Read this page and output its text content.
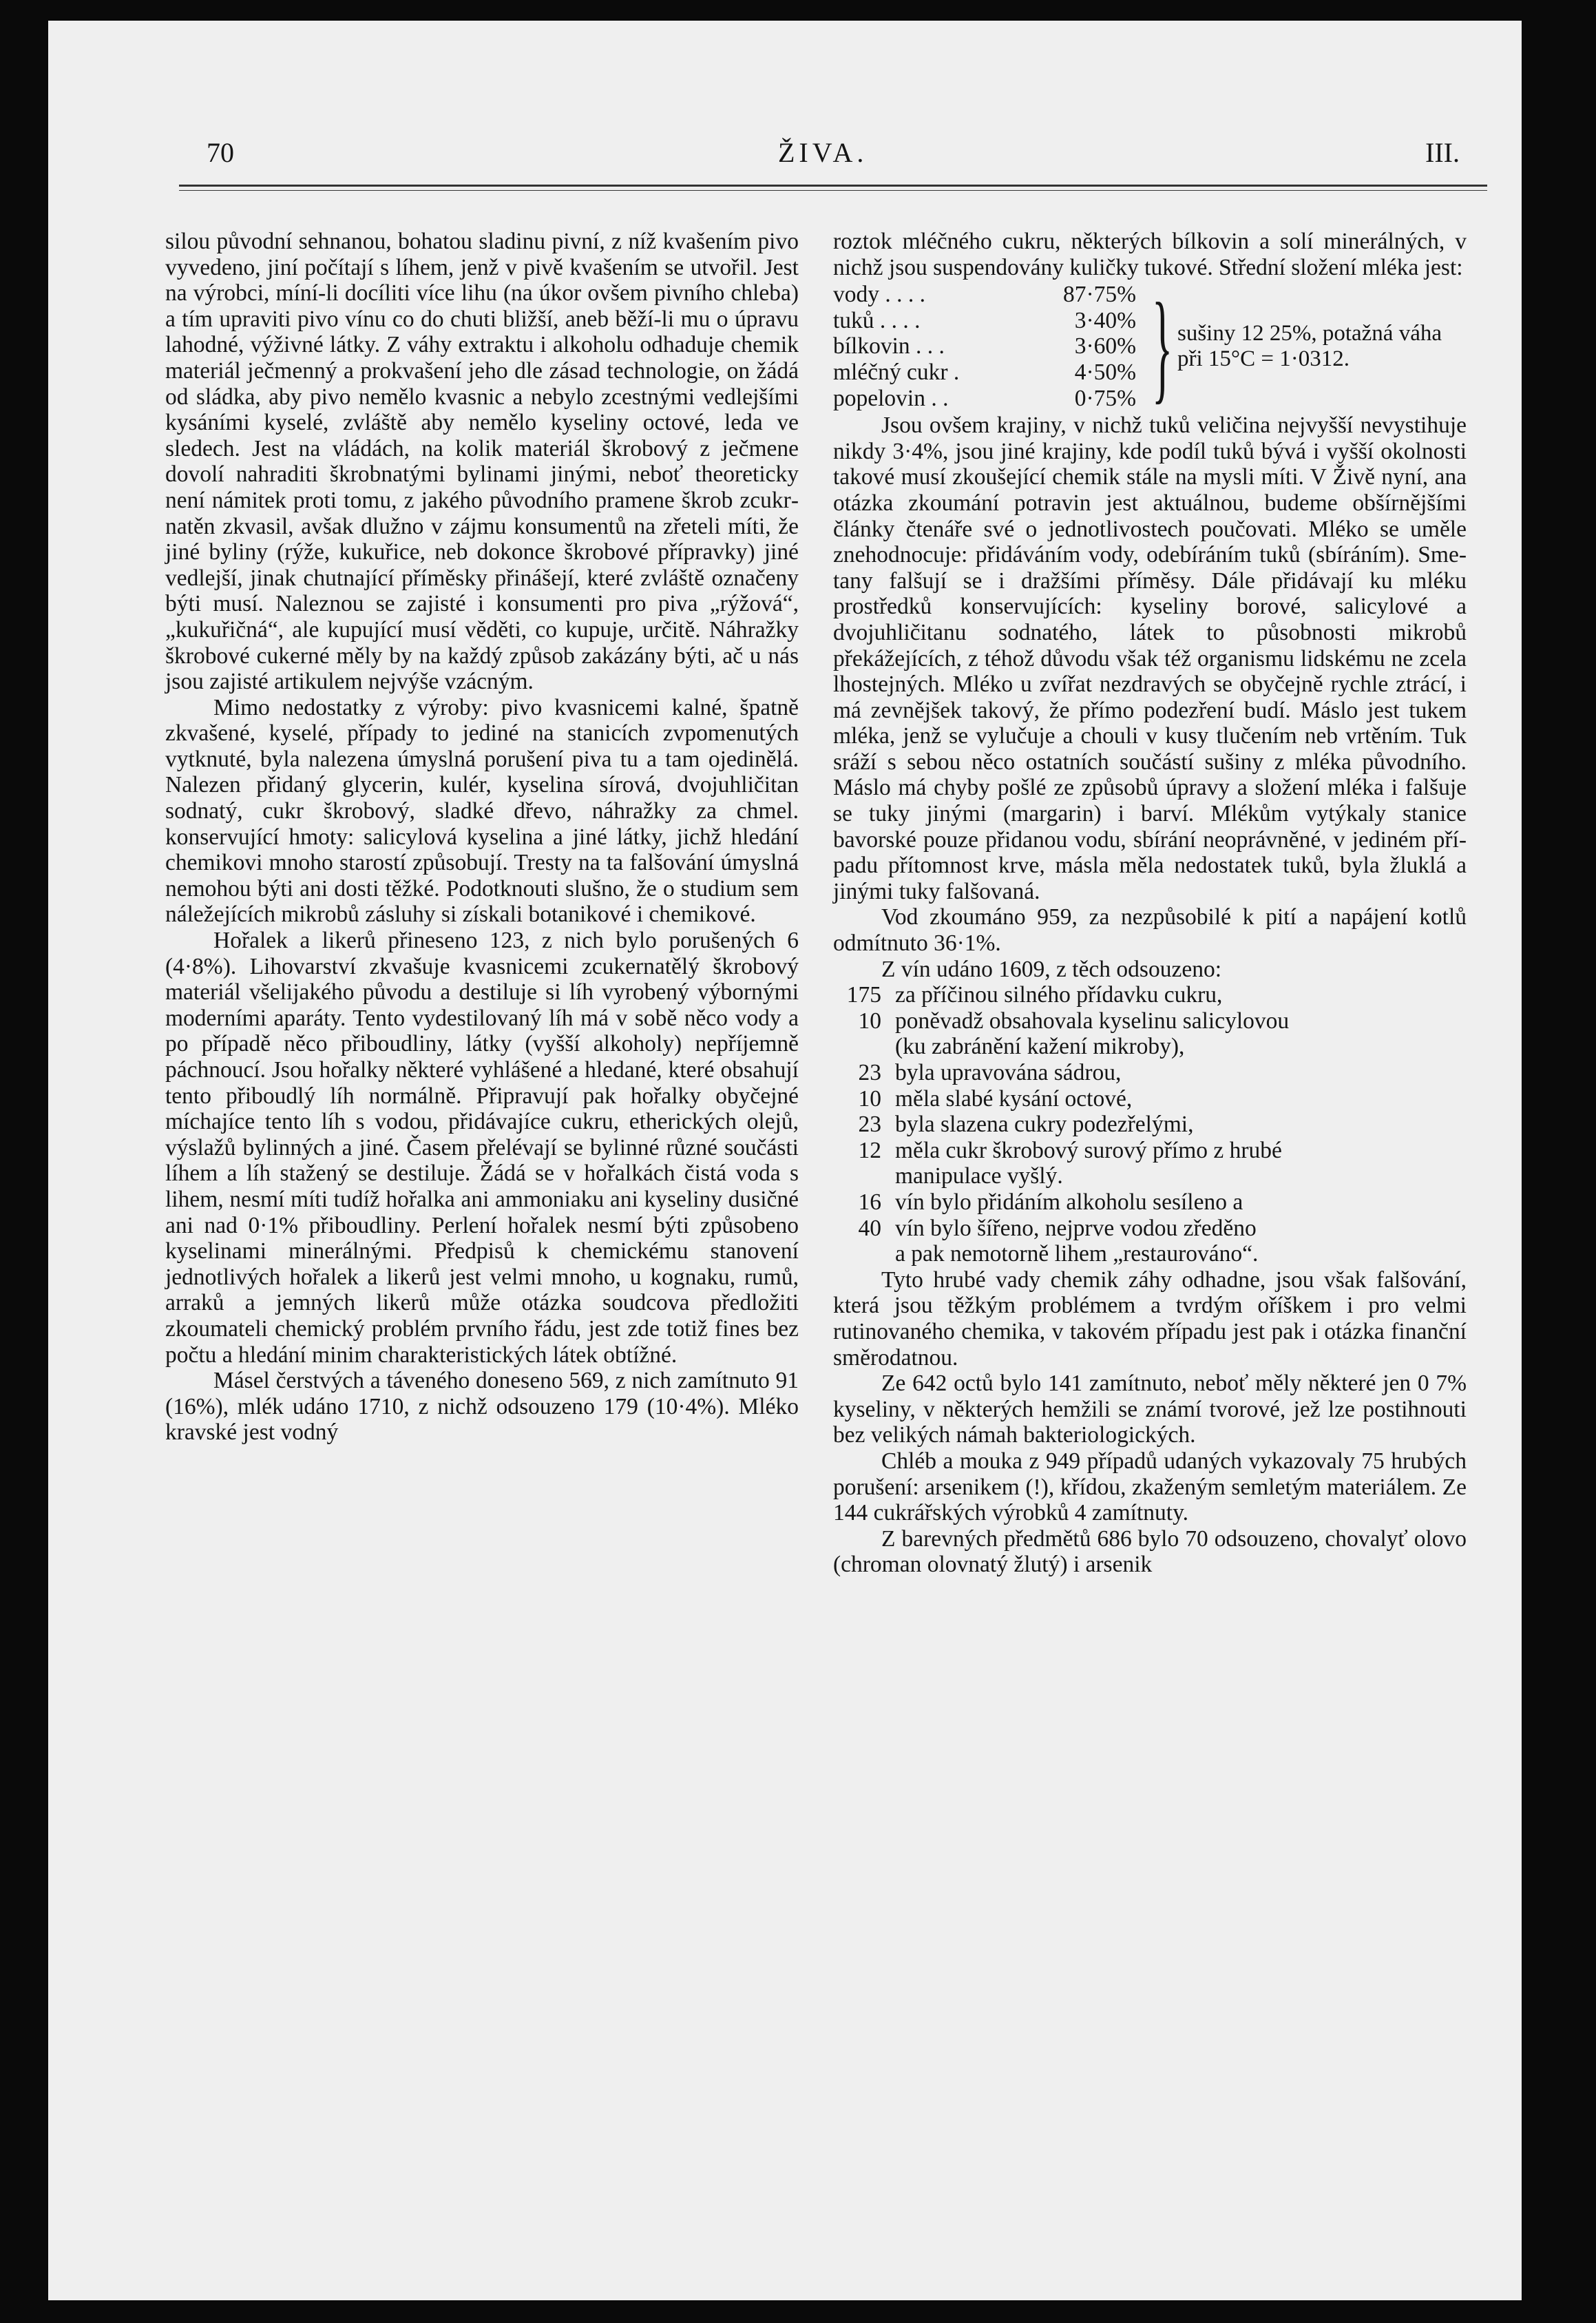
70	ŽIVA.	III.

silou původní sehnanou, bohatou sladinu pivní, z níž kvašením pivo vyvedeno, jiní počítají s líhem, jenž v pivě kvašením se utvořil. Jest na výrobci, míní-li docíliti více lihu (na úkor ovšem pivního chleba) a tím upraviti pivo vínu co do chuti bližší, aneb běží-li mu o úpravu lahodné, výživné látky. Z váhy extraktu i alkoholu odhaduje chemik materiál ječmenný a prokvašení jeho dle zásad technologie, on žádá od sládka, aby pivo nemělo kvasnic a nebylo zcestnými vedlejšími kysáními kyselé, zvláště aby nemělo kyseliny octové, leda ve sledech. Jest na vládách, na kolik materiál škrobový z ječmene dovolí nahraditi škrobnatými bylinami jinými, neboť theoreticky není námitek proti tomu, z jakého původního pramene škrob zcukrnatěn zkvasil, avšak dlužno v zájmu konsumentů na zřeteli míti, že jiné byliny (rýže, kukuřice, neb dokonce škrobové přípravky) jiné vedlejší, jinak chutnající příměsky přinášejí, které zvláště označeny býti musí. Naleznou se zajisté i konsumenti pro piva „rýžová“, „kukuřičná“, ale kupující musí věděti, co kupuje, určitě. Náhražky škrobové cukerné měly by na každý způsob zakázány býti, ač u nás jsou zajisté artikulem nejvýše vzácným.

Mimo nedostatky z výroby: pivo kvasnicemi kalné, špatně zkvašené, kyselé, případy to jediné na stanicích zvpomenutých vytknuté, byla nalezena úmyslná porušení piva tu a tam ojedinělá. Nalezen přidaný glycerin, kulér, kyselina sírová, dvojuhličitan sodnatý, cukr škrobový, sladké dřevo, náhražky za chmel. konservující hmoty: salicylová kyselina a jiné látky, jichž hledání chemikovi mnoho starostí způsobují. Tresty na ta falšování úmyslná nemohou býti ani dosti těžké. Podotknouti slušno, že o studium sem náležejících mikrobů zásluhy si získali botanikové i chemikové.

Hořalek a likerů přineseno 123, z nich bylo porušených 6 (4·8%). Lihovarství zkvašuje kvasnicemi zcukernatělý škrobový materiál všelijakého původu a destiluje si líh vyrobený výbornými moderními aparáty. Tento vydestilovaný líh má v sobě něco vody a po případě něco přiboudliny, látky (vyšší alkoholy) nepříjemně páchnoucí. Jsou hořalky některé vyhlášené a hledané, které obsahují tento přiboudlý líh normálně. Připravují pak hořalky obyčejné míchajíce tento líh s vodou, přidávajíce cukru, etherických olejů, výslažů bylinných a jiné. Časem přelévají se bylinné různé součásti líhem a líh stažený se destiluje. Žádá se v hořalkách čistá voda s lihem, nesmí míti tudíž hořalka ani ammoniaku ani kyseliny dusičné ani nad 0·1% přiboudliny. Perlení hořalek nesmí býti způsobeno kyselinami minerálnými. Předpisů k chemickému stanovení jednotlivých hořalek a likerů jest velmi mnoho, u kognaku, rumů, arraků a jemných likerů může otázka soudcova předložiti zkoumateli chemický problém prvního řádu, jest zde totiž fines bez počtu a hledání minim charakteristických látek obtížné.

Másel čerstvých a táveného doneseno 569, z nich zamítnuto 91 (16%), mlék udáno 1710, z nichž odsouzeno 179 (10·4%). Mléko kravské jest vodný

roztok mléčného cukru, některých bílkovin a solí minerálných, v nichž jsou suspendovány kuličky tukové. Střední složení mléka jest:

vody . . . .	87·75%
tuků . . . .	3·40%
bílkovin . . .	3·60%
mléčný cukr .	4·50%
popelovin . .	0·75% } sušiny 12 25%, potažná váha při 15°C = 1·0312.

Jsou ovšem krajiny, v nichž tuků veličina nejvyšší nevystihuje nikdy 3·4%, jsou jiné krajiny, kde podíl tuků bývá i vyšší okolnosti takové musí zkoušející chemik stále na mysli míti. V Živě nyní, ana otázka zkoumání potravin jest aktuálnou, budeme obšírnějšími články čtenáře své o jednotlivostech poučovati. Mléko se uměle znehodnocuje: přidáváním vody, odebíráním tuků (sbíráním). Smetany falšují se i dražšími příměsy. Dále přidávají ku mléku prostředků konservujících: kyseliny borové, salicylové a dvojuhličitanu sodnatého, látek to působnosti mikrobů překážejících, z téhož důvodu však též organismu lidskému ne zcela lhostejných. Mléko u zvířat nezdravých se obyčejně rychle ztrácí, i má zevnějšek takový, že přímo podezření budí. Máslo jest tukem mléka, jenž se vylučuje a chouli v kusy tlučením neb vrtěním. Tuk sráží s sebou něco ostatních součástí sušiny z mléka původního. Máslo má chyby pošlé ze způsobů úpravy a složení mléka i falšuje se tuky jinými (margarin) i barví. Mlékům vytýkaly stanice bavorské pouze přidanou vodu, sbírání neoprávněné, v jediném případu přítomnost krve, másla měla nedostatek tuků, byla žluklá a jinými tuky falšovaná.

Vod zkoumáno 959, za nezpůsobilé k pití a napájení kotlů odmítnuto 36·1%.

Z vín udáno 1609, z těch odsouzeno:

175 za příčinou silného přídavku cukru,
10 poněvadž obsahovala kyselinu salicylovou
(ku zabránění kažení mikroby),
23 byla upravována sádrou,
10 měla slabé kysání octové,
23 byla slazena cukry podezřelými,
12 měla cukr škrobový surový přímo z hrubé
manipulace vyšlý.
16 vín bylo přidáním alkoholu sesíleno a
40 vín bylo šířeno, nejprve vodou zředěno
a pak nemotorně lihem „restaurováno“.

Tyto hrubé vady chemik záhy odhadne, jsou však falšování, která jsou těžkým problémem a tvrdým oříškem i pro velmi rutinovaného chemika, v takovém případu jest pak i otázka finanční směrodatnou.

Ze 642 octů bylo 141 zamítnuto, neboť měly některé jen 0 7% kyseliny, v některých hemžili se známí tvorové, jež lze postihnouti bez velikých námah bakteriologických.

Chléb a mouka z 949 případů udaných vykazovaly 75 hrubých porušení: arsenikem (!), křídou, zkaženým semletým materiálem. Ze 144 cukrářských výrobků 4 zamítnuty.

Z barevných předmětů 686 bylo 70 odsouzeno, chovalyť olovo (chroman olovnatý žlutý) i arsenik
